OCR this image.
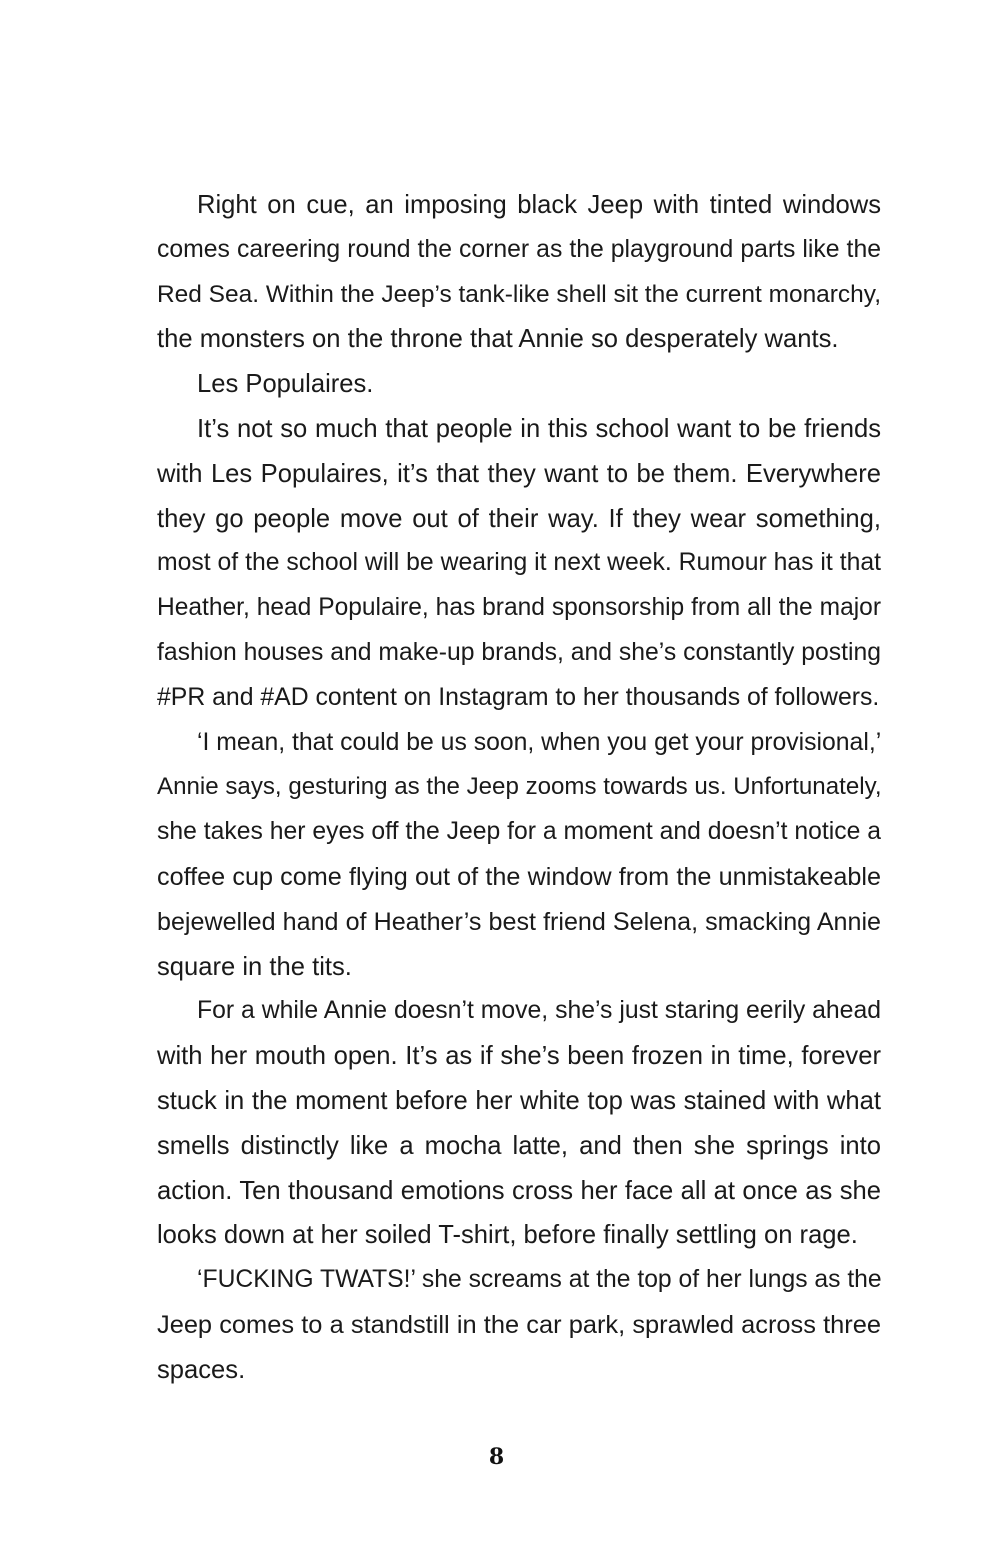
Right on cue, an imposing black Jeep with tinted windows
comes careering round the corner as the playground parts like the
Red Sea. Within the Jeep’s tank-like shell sit the current monarchy,
the monsters on the throne that Annie so desperately wants.
Les Populaires.
It’s not so much that people in this school want to be friends
with Les Populaires, it’s that they want to be them. Everywhere
they go people move out of their way. If they wear something,
most of the school will be wearing it next week. Rumour has it that
Heather, head Populaire, has brand sponsorship from all the major
fashion houses and make-up brands, and she’s constantly posting
#PR and #AD content on Instagram to her thousands of followers.
‘I mean, that could be us soon, when you get your provisional,’
Annie says, gesturing as the Jeep zooms towards us. Unfortunately,
she takes her eyes off the Jeep for a moment and doesn’t notice a
coffee cup come flying out of the window from the unmistakeable
bejewelled hand of Heather’s best friend Selena, smacking Annie
square in the tits.
For a while Annie doesn’t move, she’s just staring eerily ahead
with her mouth open. It’s as if she’s been frozen in time, forever
stuck in the moment before her white top was stained with what
smells distinctly like a mocha latte, and then she springs into
action. Ten thousand emotions cross her face all at once as she
looks down at her soiled T-shirt, before finally settling on rage.
‘FUCKING TWATS!’ she screams at the top of her lungs as the
Jeep comes to a standstill in the car park, sprawled across three
spaces.
8
